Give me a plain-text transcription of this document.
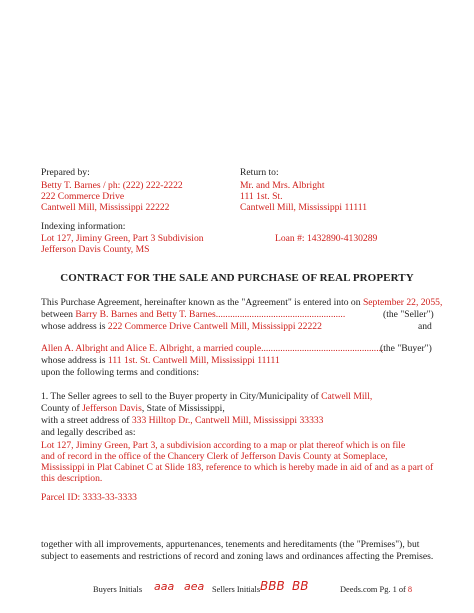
Prepared by:
Betty T. Barnes / ph: (222) 222-2222
222 Commerce Drive
Cantwell Mill, Mississippi 22222
Return to:
Mr. and Mrs. Albright
111 1st. St.
Cantwell Mill, Mississippi 11111
Indexing information:
Lot 127, Jiminy Green, Part 3 Subdivision
Jefferson Davis County, MS
Loan #: 1432890-4130289
CONTRACT FOR THE SALE AND PURCHASE OF REAL PROPERTY
This Purchase Agreement, hereinafter known as the "Agreement" is entered into on September 22, 2055,
between Barry B. Barnes and Betty T. Barnes......................................................	(the "Seller")
whose address is 222 Commerce Drive Cantwell Mill, Mississippi 22222	and
Allen A. Albright and Alice E. Albright, a married couple...................................................
(the "Buyer")
whose address is 111 1st. St. Cantwell Mill, Mississippi 11111
upon the following terms and conditions:
1. The Seller agrees to sell to the Buyer property in City/Municipality of Catwell Mill,
County of Jefferson Davis, State of Mississippi,
with a street address of 333 Hilltop Dr., Cantwell Mill, Mississippi 33333
and legally described as:
Lot 127, Jiminy Green, Part 3, a subdivision according to a map or plat thereof which is on file
and of record in the office of the Chancery Clerk of Jefferson Davis County at Someplace,
Mississippi in Plat Cabinet C at Slide 183, reference to which is hereby made in aid of and as a part of
this description.
Parcel ID: 3333-33-3333
together with all improvements, appurtenances, tenements and hereditaments (the "Premises"), but
subject to easements and restrictions of record and zoning laws and ordinances affecting the Premises.
Buyers Initials aaa aea Sellers Initials BBB BB	Deeds.com Pg. 1 of 8
